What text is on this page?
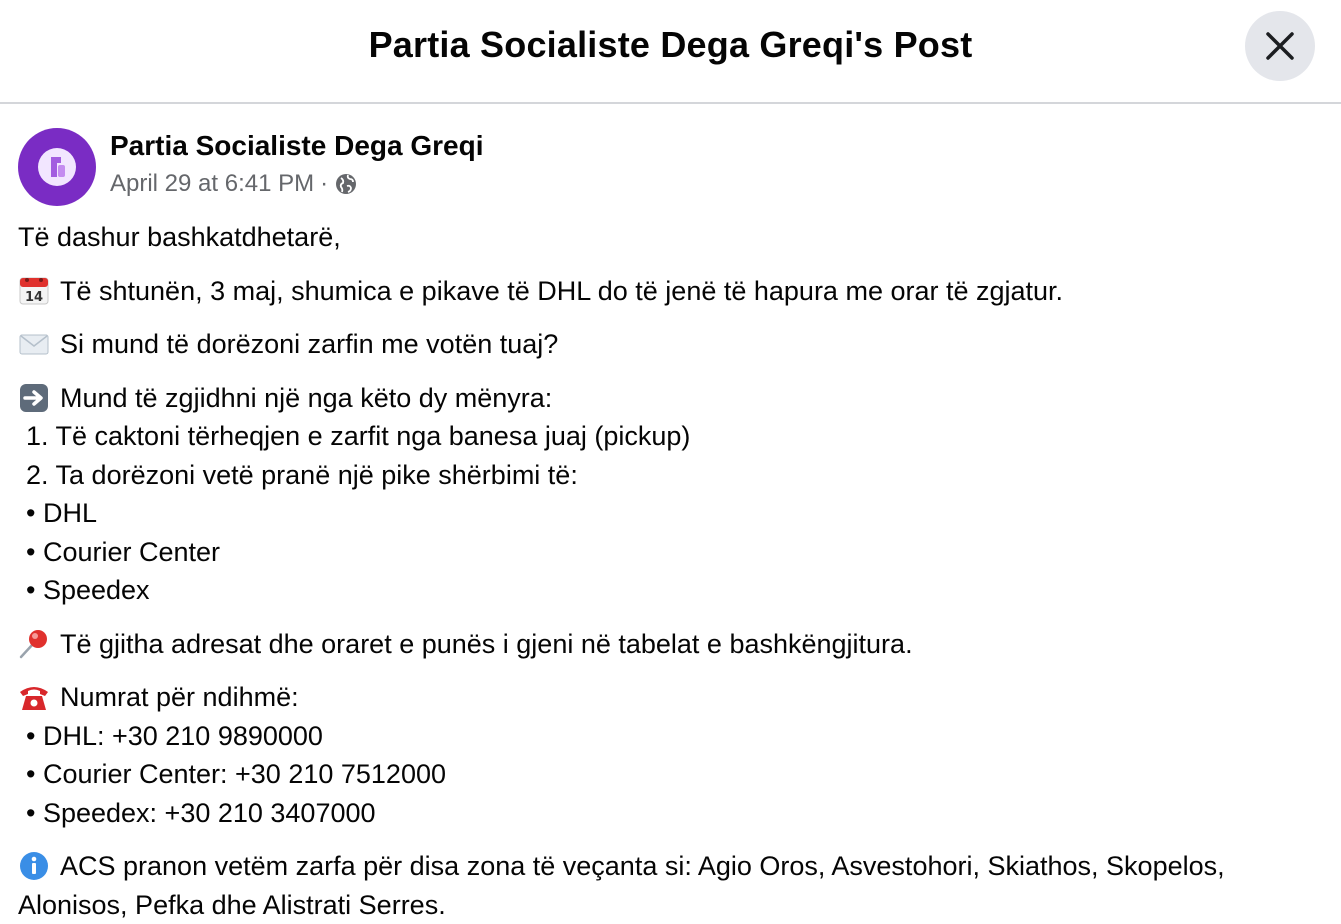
Partia Socialiste Dega Greqi's Post
Partia Socialiste Dega Greqi
April 29 at 6:41 PM ·

Të dashur bashkatdhetarë,

14 Të shtunën, 3 maj, shumica e pikave të DHL do të jenë të hapura me orar të zgjatur.

Si mund të dorëzoni zarfin me votën tuaj?

Mund të zgjidhni një nga këto dy mënyra:

1. Të caktoni tërheqjen e zarfit nga banesa juaj (pickup)

2. Ta dorëzoni vetë pranë një pike shërbimi të:

• DHL

• Courier Center

• Speedex

Të gjitha adresat dhe oraret e punës i gjeni në tabelat e bashkëngjitura.

Numrat për ndihmë:

• DHL: +30 210 9890000

• Courier Center: +30 210 7512000

• Speedex: +30 210 3407000

ACS pranon vetëm zarfa për disa zona të veçanta si: Agio Oros, Asvestohori, Skiathos, Skopelos, Alonisos, Pefka dhe Alistrati Serres.
